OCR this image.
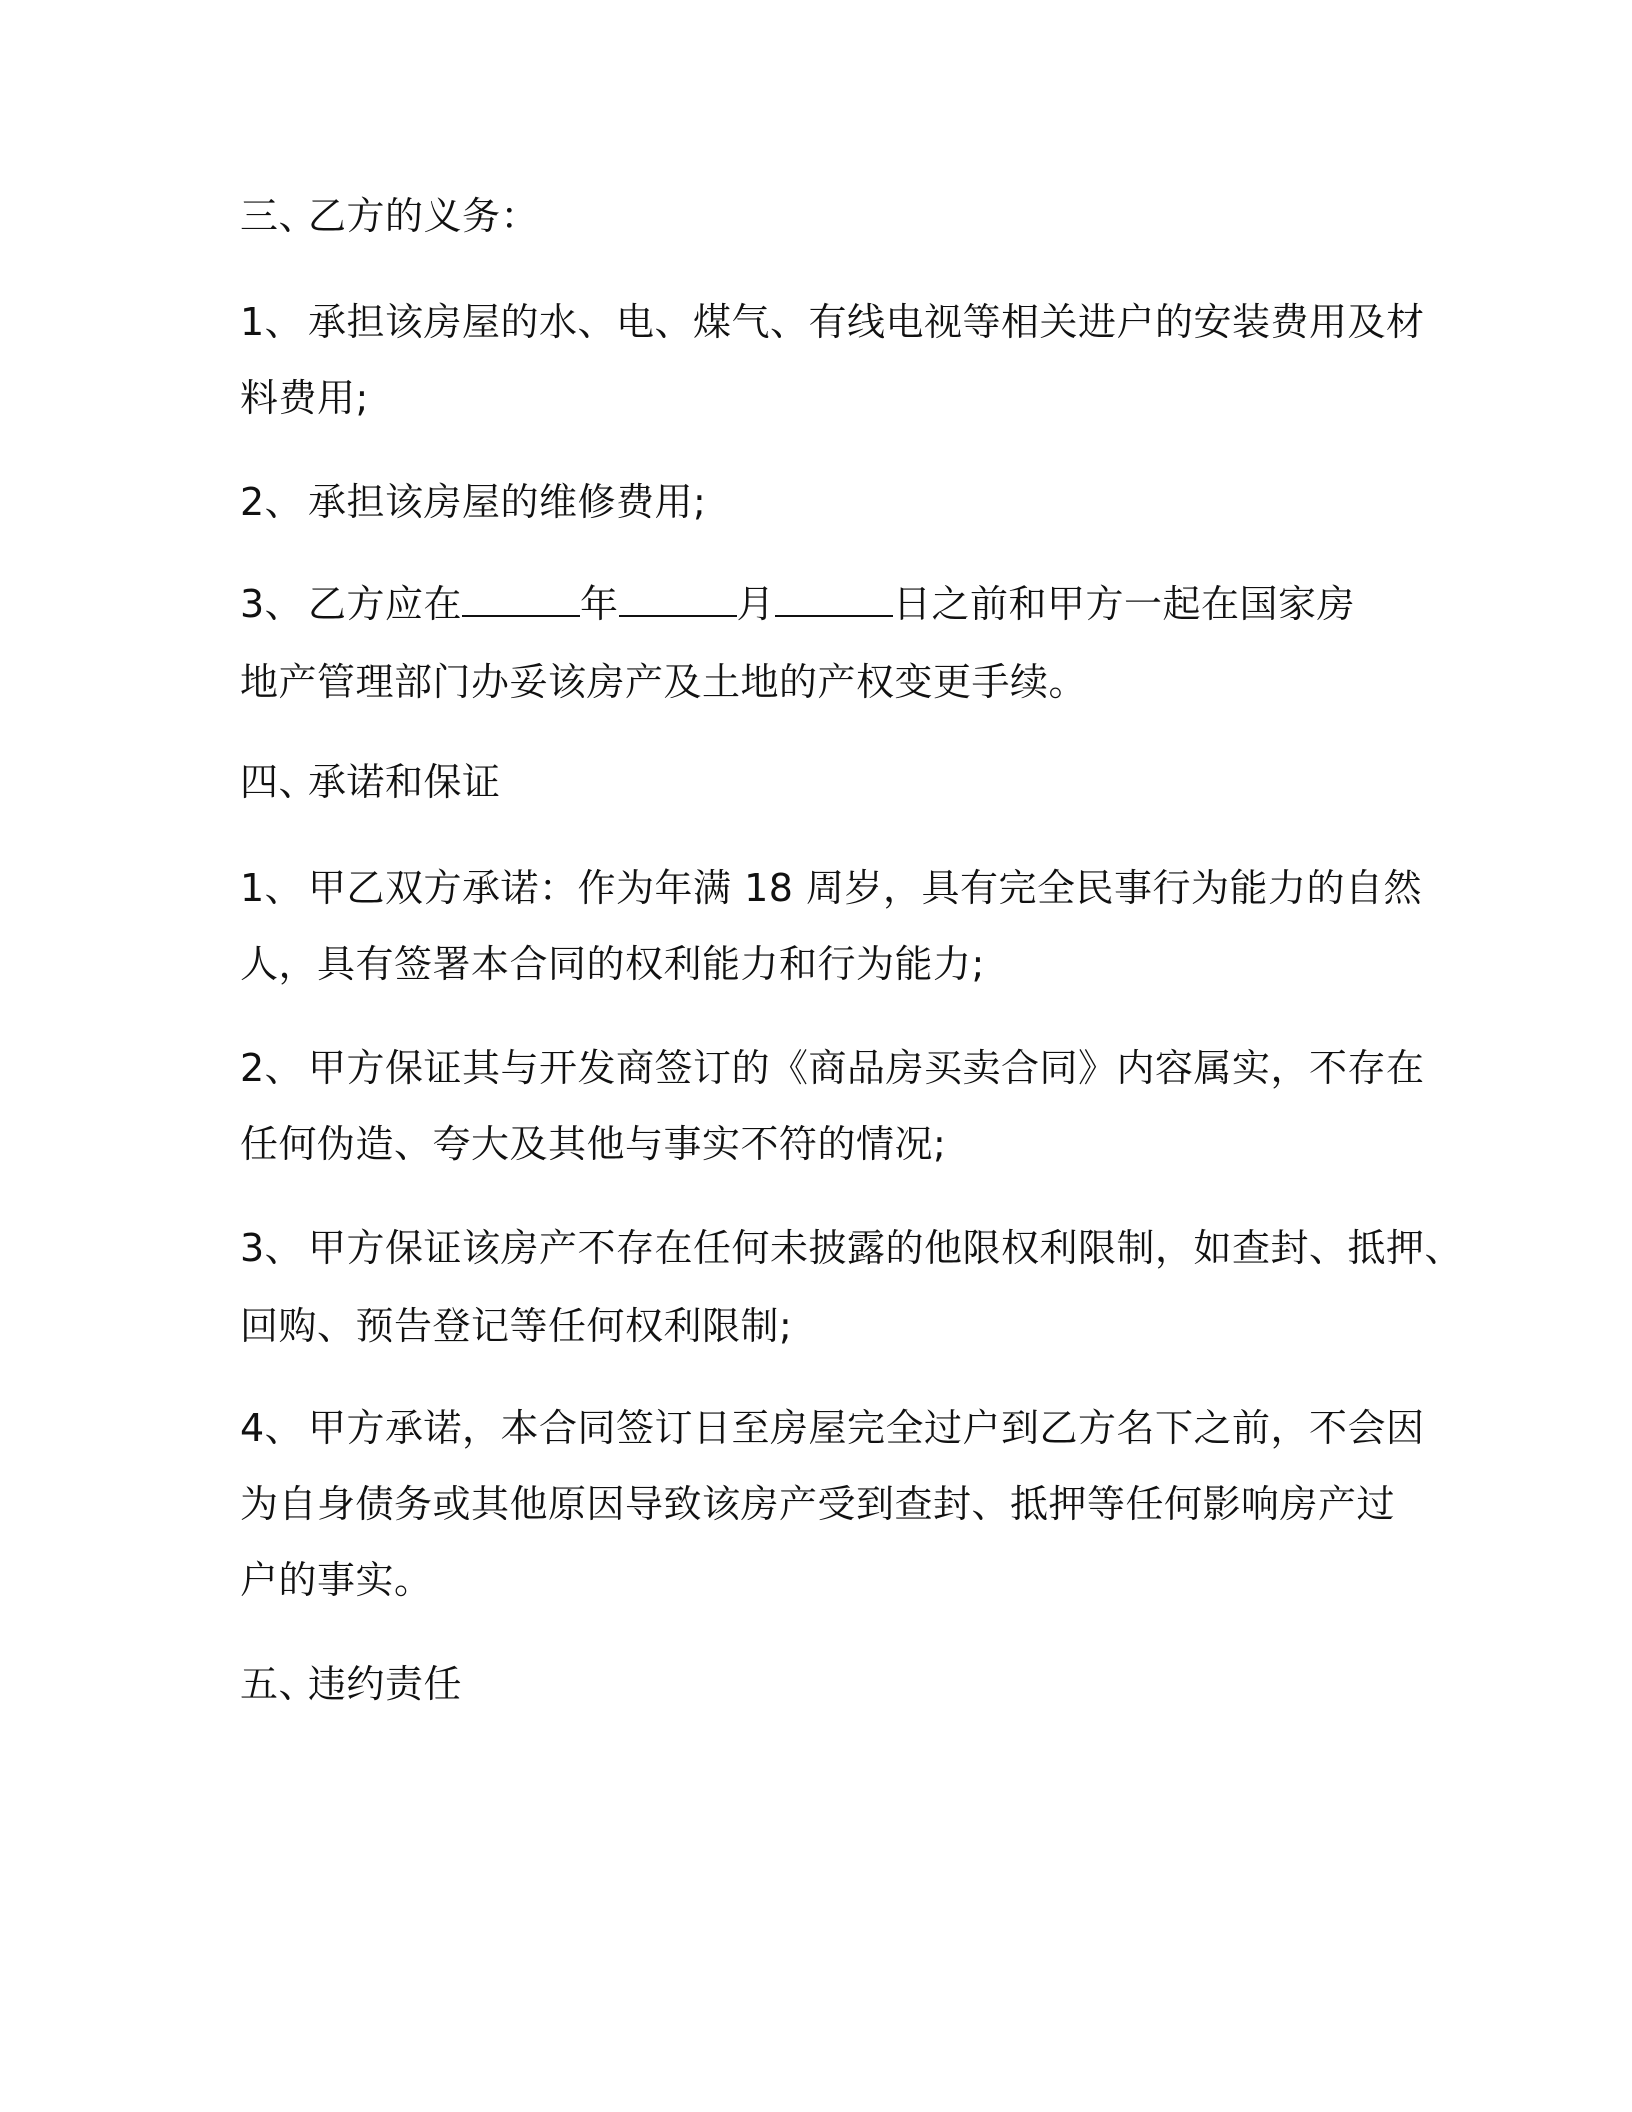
三、乙方的义务：
1、 承担该房屋的水、电、煤气、有线电视等相关进户的安装费用及材
料费用;
2、 承担该房屋的维修费用;
3、 乙方应在	年	月	日之前和甲方一起在国家房
地产管理部门办妥该房产及土地的产权变更手续。
四、承诺和保证
1、 甲乙双方承诺：作为年满 18 周岁，具有完全民事行为能力的自然
人，具有签署本合同的权利能力和行为能力;
2、 甲方保证其与开发商签订的《商品房买卖合同》内容属实，不存在
任何伪造、夸大及其他与事实不符的情况;
3、 甲方保证该房产不存在任何未披露的他限权利限制，如查封、抵押、
回购、预告登记等任何权利限制;
4、 甲方承诺，本合同签订日至房屋完全过户到乙方名下之前，不会因
为自身债务或其他原因导致该房产受到查封、抵押等任何影响房产过
户的事实。
五、违约责任
